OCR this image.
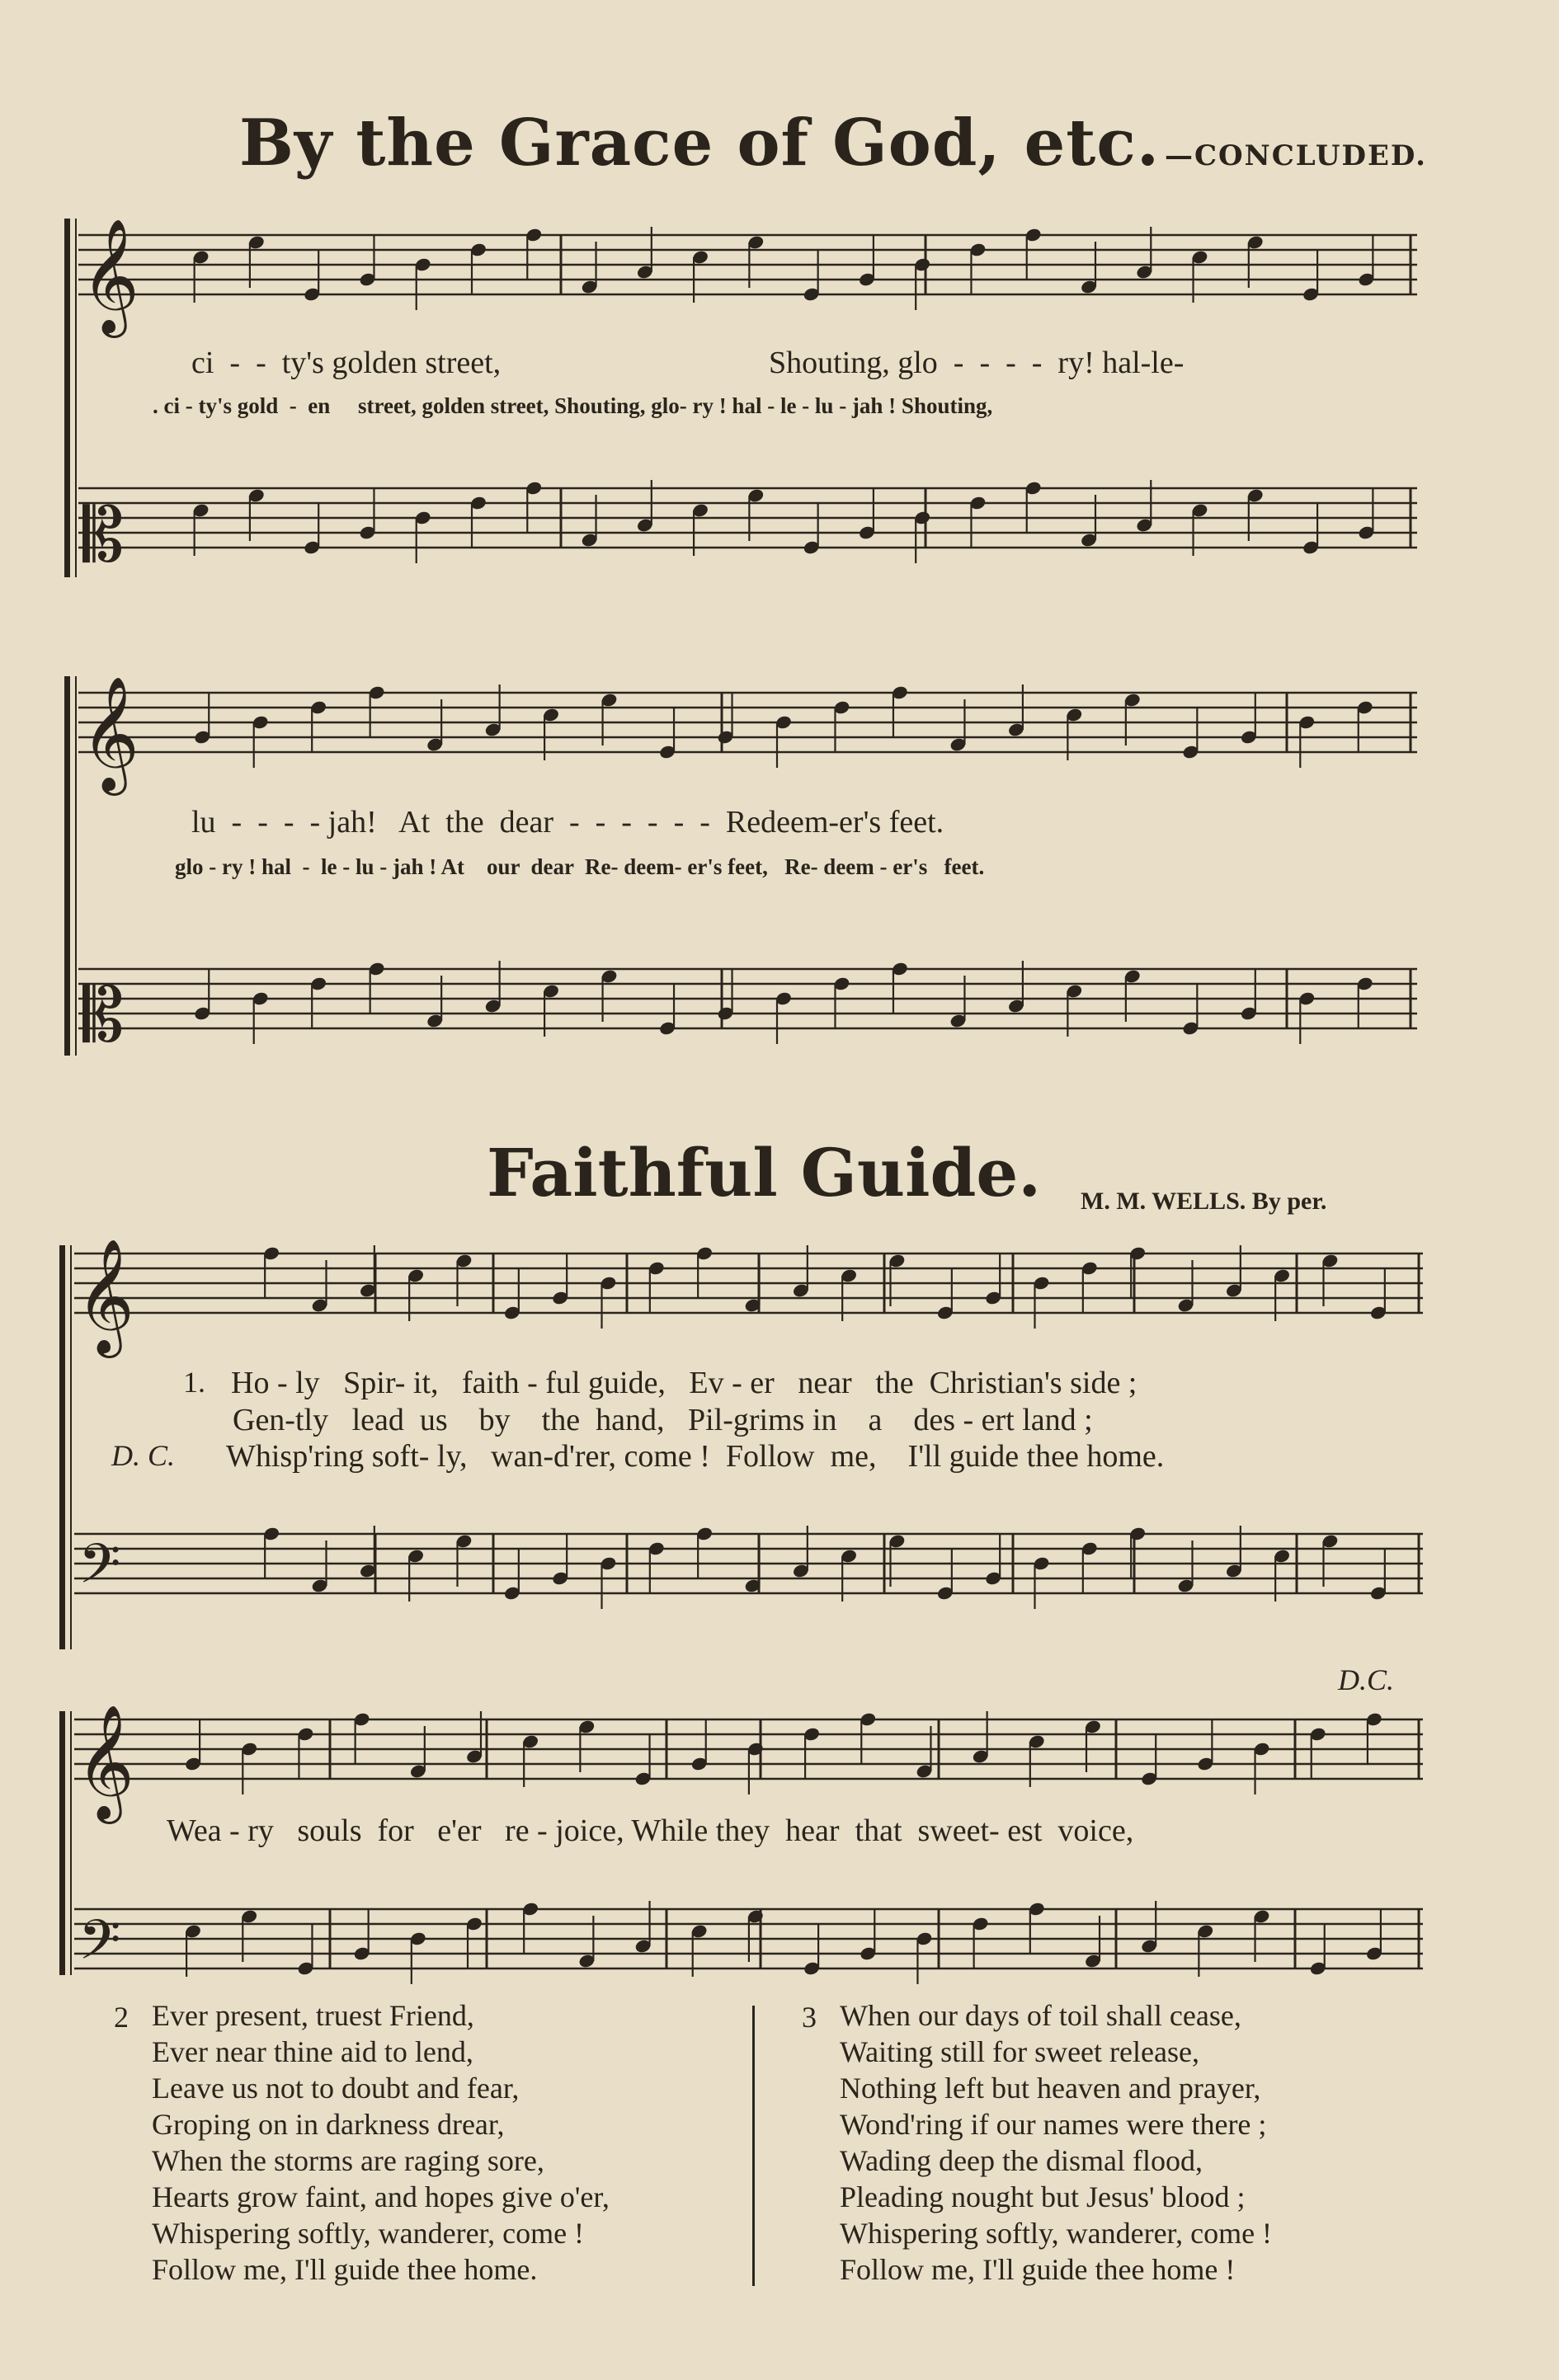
By the Grace of God, etc. —CONCLUDED.
𝄞
𝄡
𝄞
𝄡
𝄞
𝄢
𝄞
𝄢
ci  -  -  ty's golden street,	Shouting, glo  -  -  -  -  ry! hal-le-
. ci - ty's gold  -  en     street, golden street, Shouting, glo- ry ! hal - le - lu - jah ! Shouting,
lu  -  -  -  - jah!   At  the  dear  -  -  -  -  -  -  Redeem-er's feet.
glo - ry ! hal  -  le - lu - jah ! At    our  dear  Re- deem- er's feet,   Re- deem - er's   feet.
Faithful Guide. M. M. WELLS. By per.
1. Ho - ly   Spir- it,   faith - ful guide,   Ev - er   near   the  Christian's side ;
Gen-tly   lead  us    by    the  hand,   Pil-grims in    a    des - ert land ;
D. C. Whisp'ring soft- ly,   wan-d'rer, come !  Follow  me,    I'll guide thee home.
D.C.
Wea - ry   souls  for   e'er   re - joice, While they  hear  that  sweet- est  voice,
2 Ever present, truest Friend,
Ever near thine aid to lend,
Leave us not to doubt and fear,
Groping on in darkness drear,
When the storms are raging sore,
Hearts grow faint, and hopes give o'er,
Whispering softly, wanderer, come !
Follow me, I'll guide thee home.
3 When our days of toil shall cease,
Waiting still for sweet release,
Nothing left but heaven and prayer,
Wond'ring if our names were there ;
Wading deep the dismal flood,
Pleading nought but Jesus' blood ;
Whispering softly, wanderer, come !
Follow me, I'll guide thee home !
